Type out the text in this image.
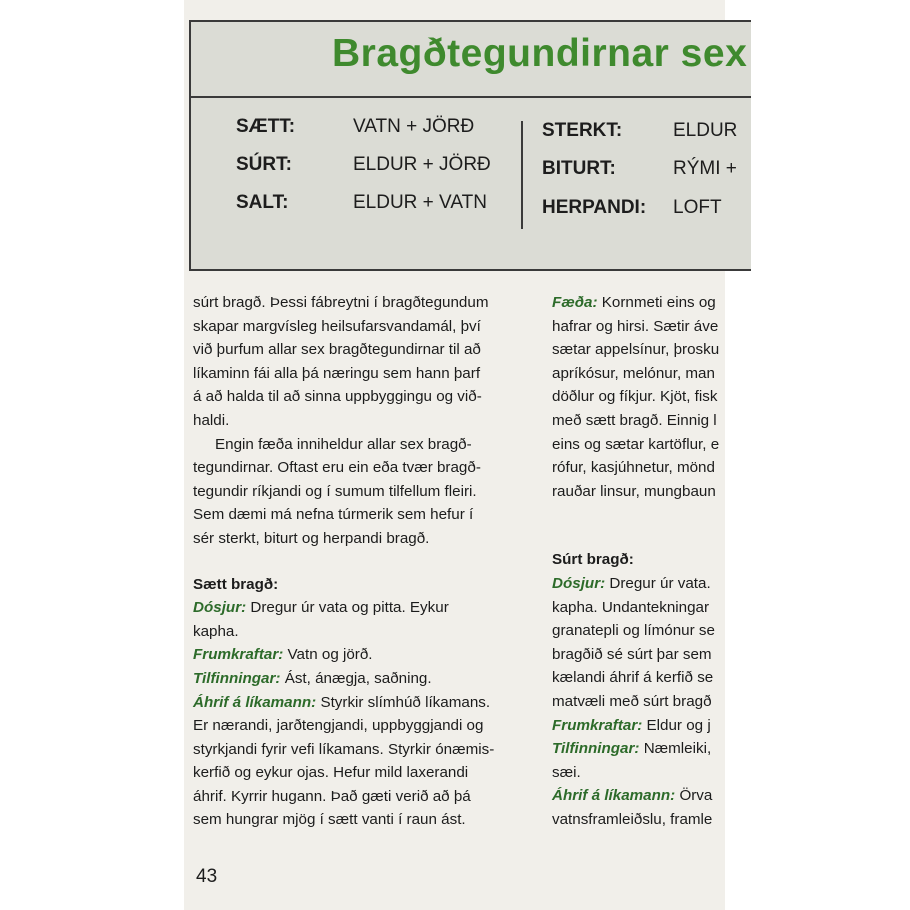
Bragðtegundirnar sex
SÆTT:	VATN + JÖRÐ
SÚRT:	ELDUR + JÖRÐ
SALT:	ELDUR + VATN
STERKT:	ELDUR
BITURT:	RÝMI +
HERPANDI: LOFT

súrt bragð. Þessi fábreytni í bragðtegundum

skapar margvísleg heilsufarsvandamál, því

við þurfum allar sex bragðtegundirnar til að

líkaminn fái alla þá næringu sem hann þarf

á að halda til að sinna uppbyggingu og við-

haldi.

Engin fæða inniheldur allar sex bragð-

tegundirnar. Oftast eru ein eða tvær bragð-

tegundir ríkjandi og í sumum tilfellum fleiri.

Sem dæmi má nefna túrmerik sem hefur í

sér sterkt, biturt og herpandi bragð.

Sætt bragð:

Dósjur: Dregur úr vata og pitta. Eykur

kapha.

Frumkraftar: Vatn og jörð.

Tilfinningar: Ást, ánægja, saðning.

Áhrif á líkamann: Styrkir slímhúð líkamans.

Er nærandi, jarðtengjandi, uppbyggjandi og

styrkjandi fyrir vefi líkamans. Styrkir ónæmis-

kerfið og eykur ojas. Hefur mild laxerandi

áhrif. Kyrrir hugann. Það gæti verið að þá

sem hungrar mjög í sætt vanti í raun ást.

Fæða: Kornmeti eins og

hafrar og hirsi. Sætir áve

sætar appelsínur, þrosku

apríkósur, melónur, man

döðlur og fíkjur. Kjöt, fisk

með sætt bragð. Einnig l

eins og sætar kartöflur, e

rófur, kasjúhnetur, mönd

rauðar linsur, mungbaun

Súrt bragð:

Dósjur: Dregur úr vata.

kapha. Undantekningar

granatepli og límónur se

bragðið sé súrt þar sem

kælandi áhrif á kerfið se

matvæli með súrt bragð

Frumkraftar: Eldur og j

Tilfinningar: Næmleiki,

sæi.

Áhrif á líkamann: Örva

vatnsframleiðslu, framle

43
